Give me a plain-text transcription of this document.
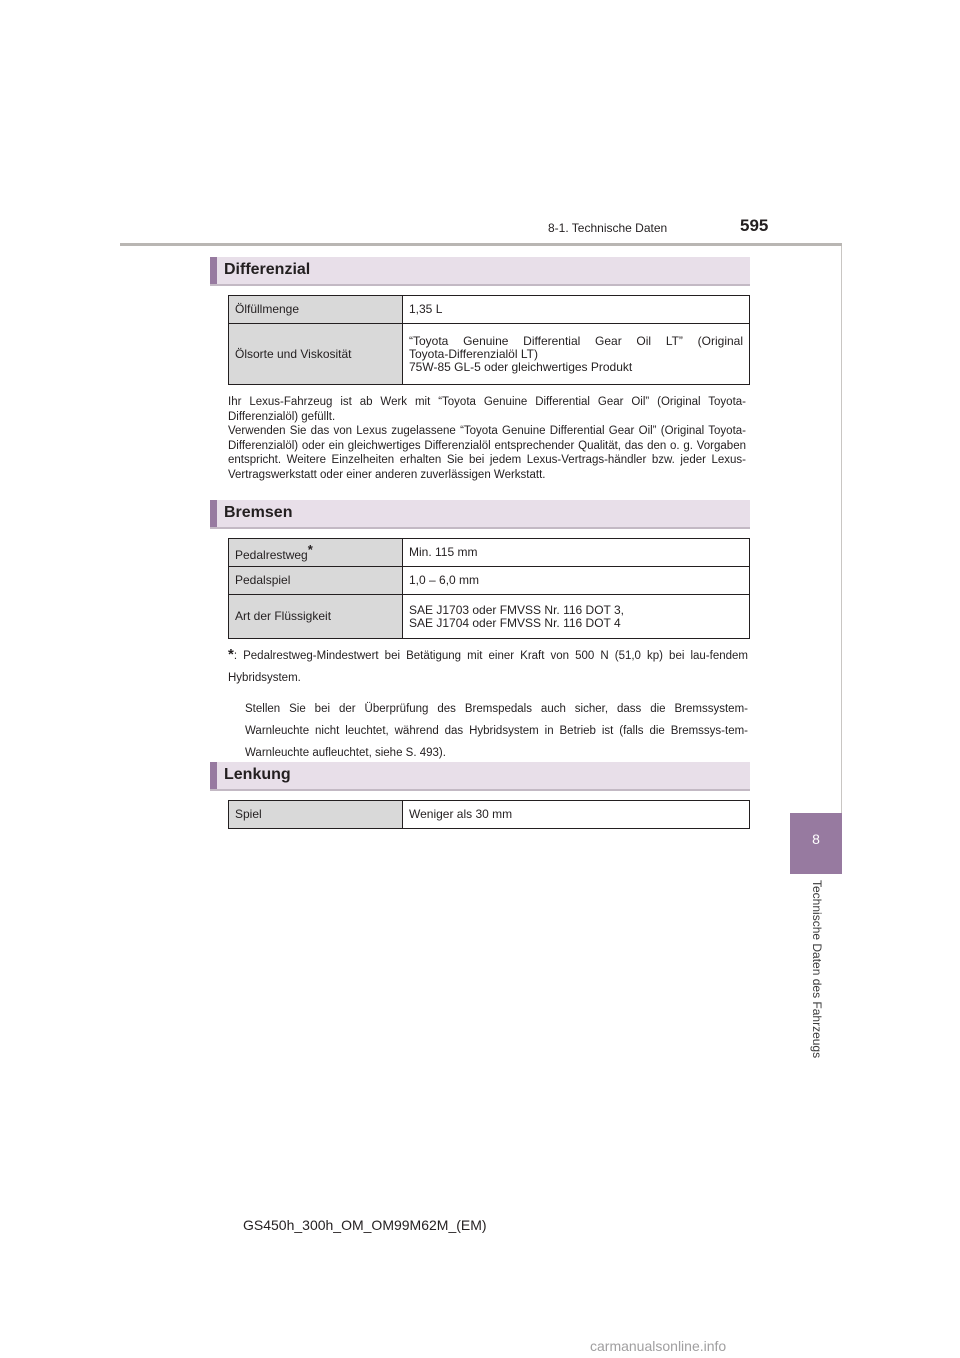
8-1. Technische Daten	595
8
Technische Daten des Fahrzeugs
Differenzial
Ölfüllmenge	1,35 L
Ölsorte und Viskosität	“Toyota Genuine Differential Gear Oil LT” (Original
Toyota-Differenzialöl LT)
75W-85 GL-5 oder gleichwertiges Produkt
Ihr Lexus-Fahrzeug ist ab Werk mit “Toyota Genuine Differential Gear Oil” (Original Toyota-Differenzialöl) gefüllt.
Verwenden Sie das von Lexus zugelassene “Toyota Genuine Differential Gear Oil” (Original Toyota-Differenzialöl) oder ein gleichwertiges Differenzialöl entsprechender Qualität, das den o. g. Vorgaben entspricht. Weitere Einzelheiten erhalten Sie bei jedem Lexus-Vertrags-händler bzw. jeder Lexus-Vertragswerkstatt oder einer anderen zuverlässigen Werkstatt.
Bremsen
Pedalrestweg*	Min. 115 mm
Pedalspiel	1,0 – 6,0 mm
Art der Flüssigkeit	SAE J1703 oder FMVSS Nr. 116 DOT 3,
SAE J1704 oder FMVSS Nr. 116 DOT 4
*: Pedalrestweg-Mindestwert bei Betätigung mit einer Kraft von 500 N (51,0 kp) bei lau-fendem Hybridsystem.
Stellen Sie bei der Überprüfung des Bremspedals auch sicher, dass die Bremssystem-Warnleuchte nicht leuchtet, während das Hybridsystem in Betrieb ist (falls die Bremssys-tem-Warnleuchte aufleuchtet, siehe S. 493).
Lenkung
Spiel	Weniger als 30 mm
GS450h_300h_OM_OM99M62M_(EM)
carmanualsonline.info
